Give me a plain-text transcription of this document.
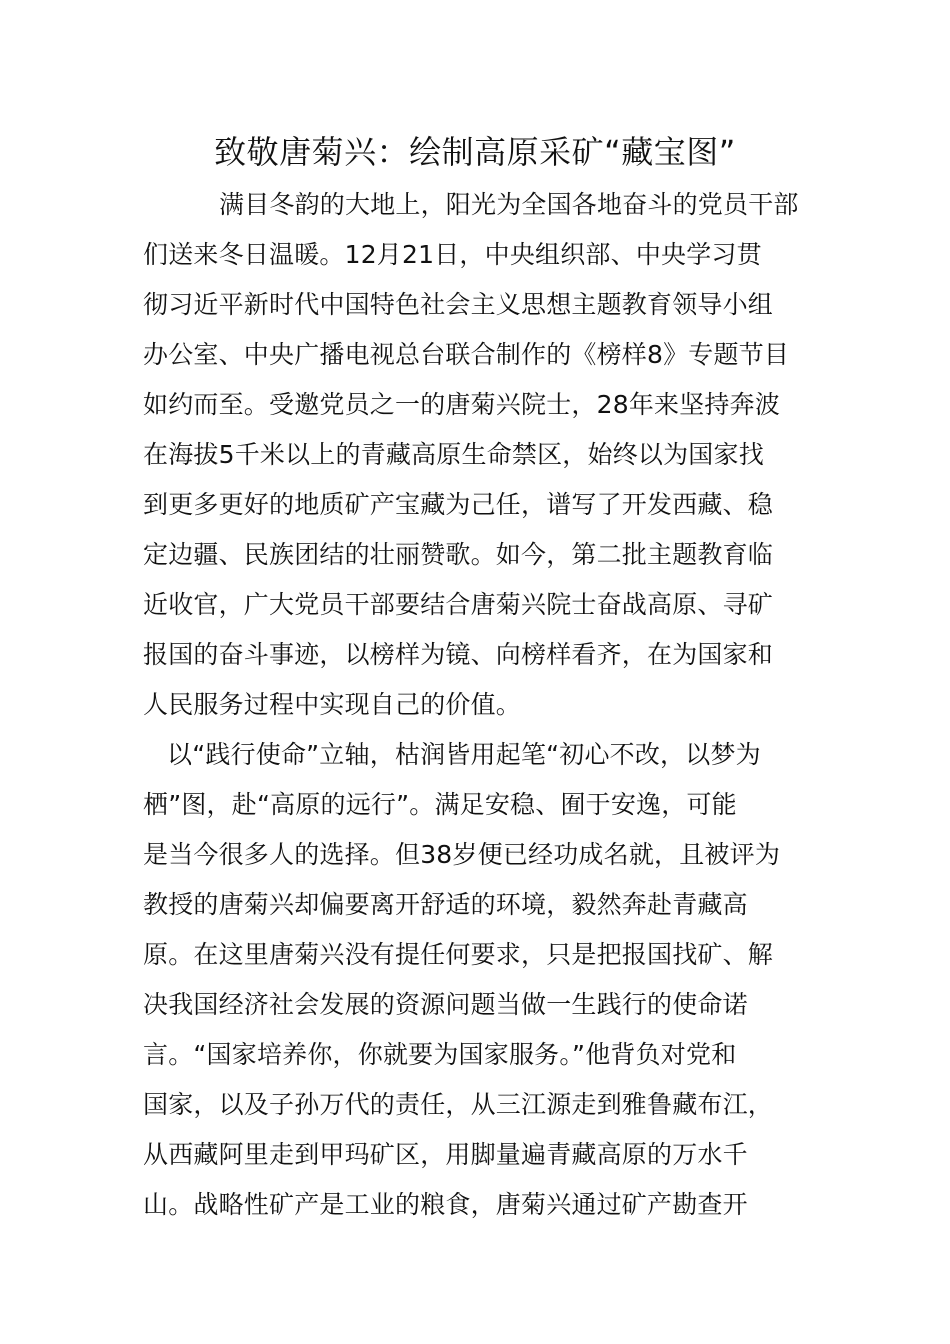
致敬唐菊兴：绘制高原采矿“藏宝图”
满目冬韵的大地上，阳光为全国各地奋斗的党员干部
们送来冬日温暖。12月21日，中央组织部、中央学习贯
彻习近平新时代中国特色社会主义思想主题教育领导小组
办公室、中央广播电视总台联合制作的《榜样8》专题节目
如约而至。受邀党员之一的唐菊兴院士，28年来坚持奔波
在海拔5千米以上的青藏高原生命禁区，始终以为国家找
到更多更好的地质矿产宝藏为己任，谱写了开发西藏、稳
定边疆、民族团结的壮丽赞歌。如今，第二批主题教育临
近收官，广大党员干部要结合唐菊兴院士奋战高原、寻矿
报国的奋斗事迹，以榜样为镜、向榜样看齐，在为国家和
人民服务过程中实现自己的价值。
以“践行使命”立轴，枯润皆用起笔“初心不改，以梦为
栖”图，赴“高原的远行”。满足安稳、囿于安逸，可能
是当今很多人的选择。但38岁便已经功成名就，且被评为
教授的唐菊兴却偏要离开舒适的环境，毅然奔赴青藏高
原。在这里唐菊兴没有提任何要求，只是把报国找矿、解
决我国经济社会发展的资源问题当做一生践行的使命诺
言。“国家培养你，你就要为国家服务。”他背负对党和
国家，以及子孙万代的责任，从三江源走到雅鲁藏布江，
从西藏阿里走到甲玛矿区，用脚量遍青藏高原的万水千
山。战略性矿产是工业的粮食，唐菊兴通过矿产勘查开
